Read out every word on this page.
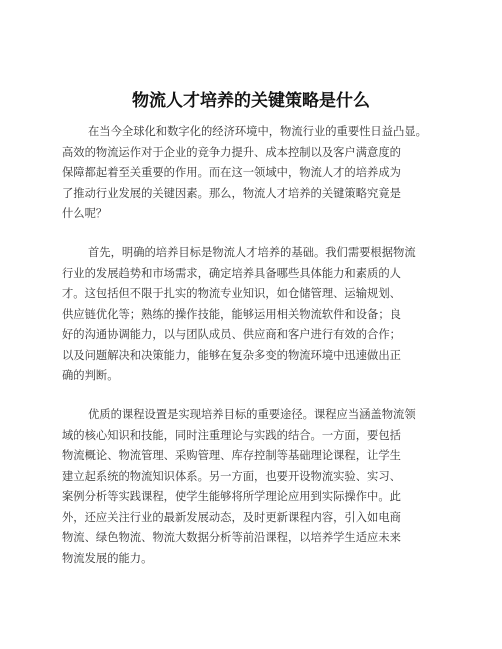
物流人才培养的关键策略是什么
在当今全球化和数字化的经济环境中，物流行业的重要性日益凸显。
高效的物流运作对于企业的竞争力提升、成本控制以及客户满意度的
保障都起着至关重要的作用。而在这一领域中，物流人才的培养成为
了推动行业发展的关键因素。那么，物流人才培养的关键策略究竟是
什么呢？
首先，明确的培养目标是物流人才培养的基础。我们需要根据物流
行业的发展趋势和市场需求，确定培养具备哪些具体能力和素质的人
才。这包括但不限于扎实的物流专业知识，如仓储管理、运输规划、
供应链优化等；熟练的操作技能，能够运用相关物流软件和设备；良
好的沟通协调能力，以与团队成员、供应商和客户进行有效的合作；
以及问题解决和决策能力，能够在复杂多变的物流环境中迅速做出正
确的判断。
优质的课程设置是实现培养目标的重要途径。课程应当涵盖物流领
域的核心知识和技能，同时注重理论与实践的结合。一方面，要包括
物流概论、物流管理、采购管理、库存控制等基础理论课程，让学生
建立起系统的物流知识体系。另一方面，也要开设物流实验、实习、
案例分析等实践课程，使学生能够将所学理论应用到实际操作中。此
外，还应关注行业的最新发展动态，及时更新课程内容，引入如电商
物流、绿色物流、物流大数据分析等前沿课程，以培养学生适应未来
物流发展的能力。
